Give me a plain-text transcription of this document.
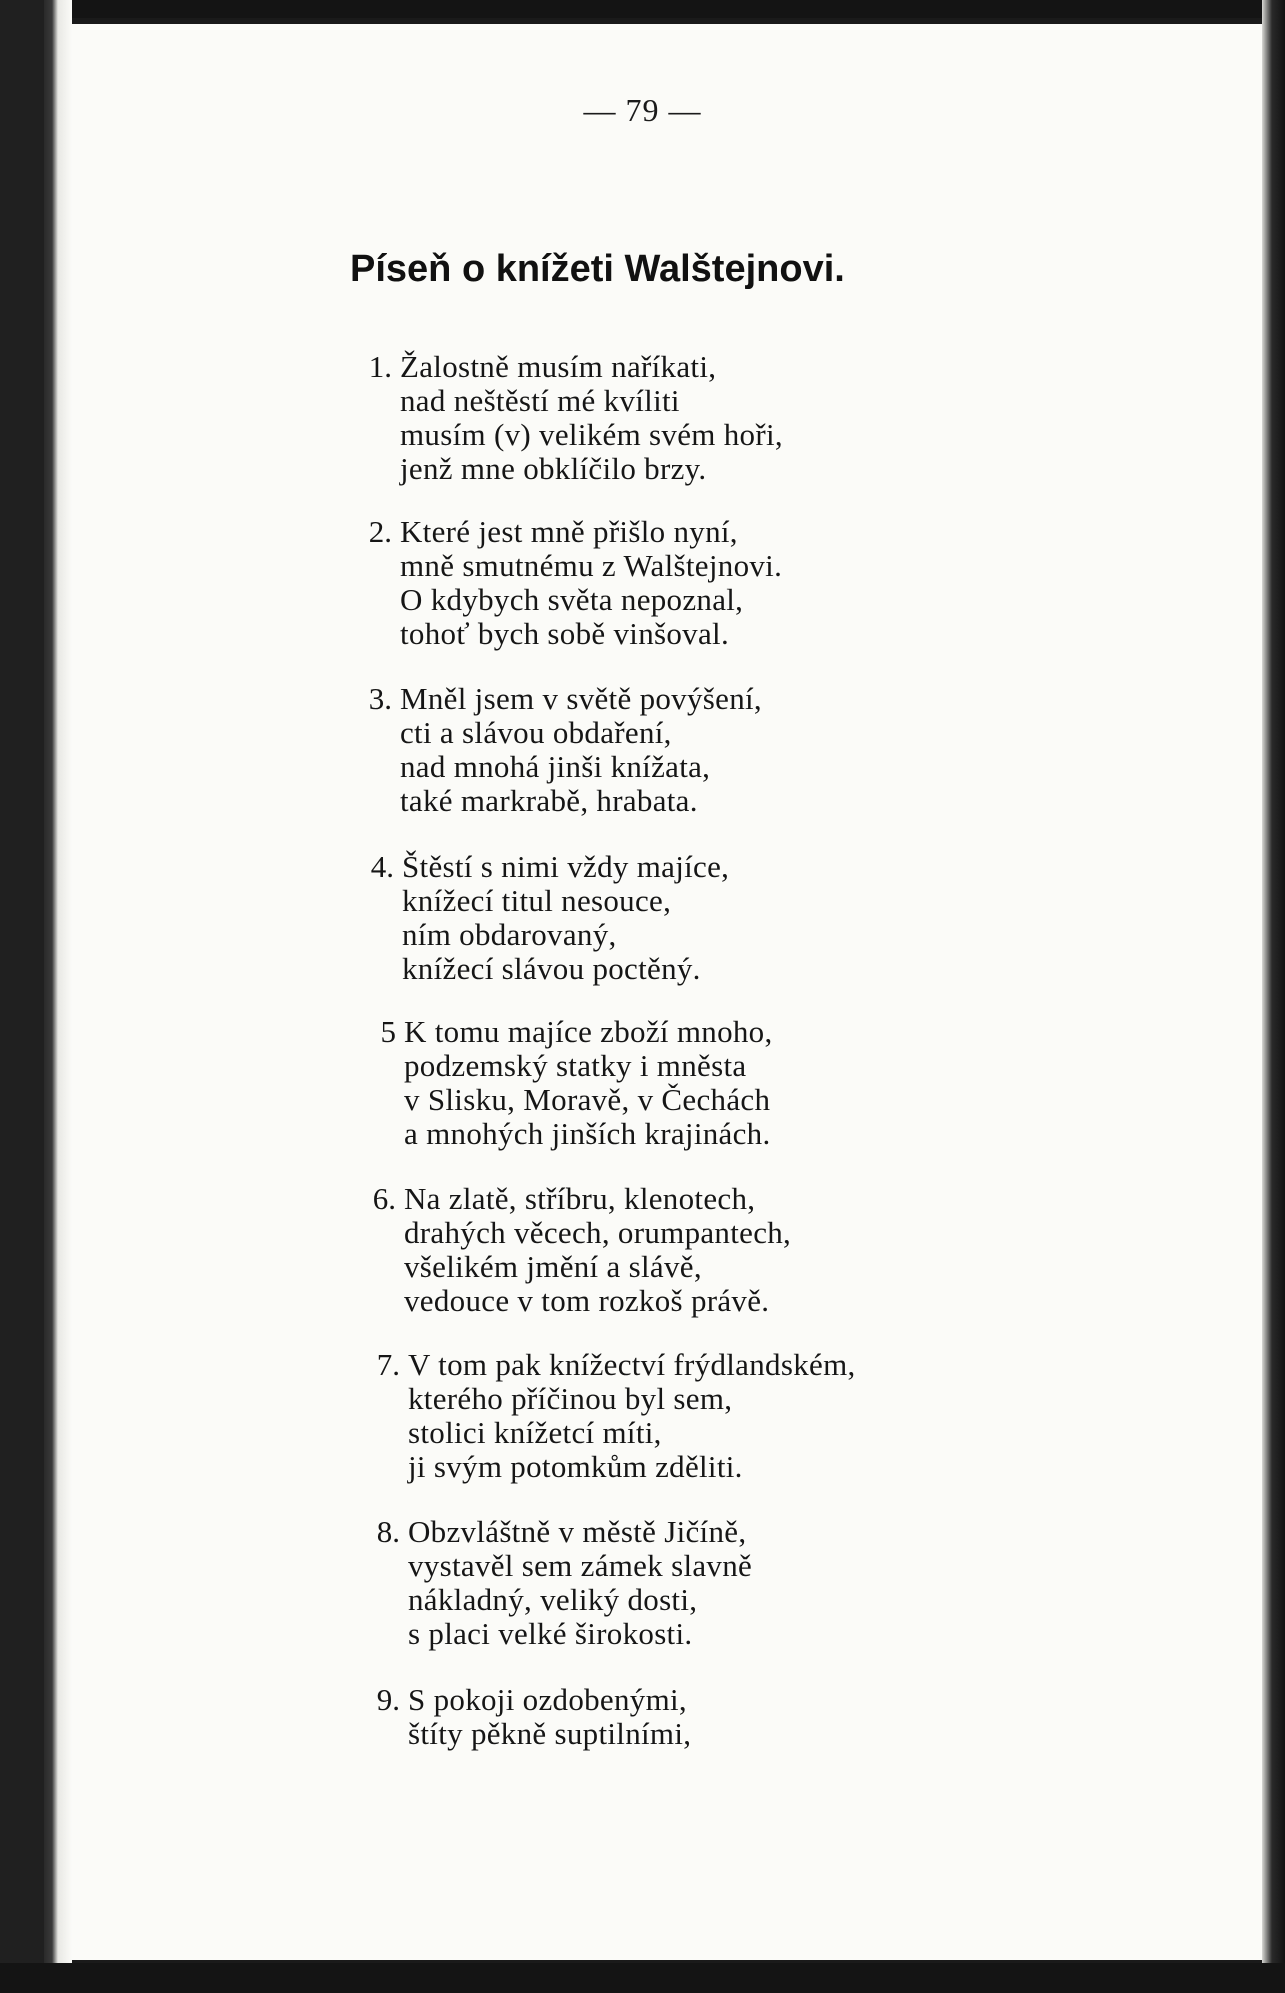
— 79 —
Píseň o knížeti Walštejnovi.
1. Žalostně musím naříkati,
nad neštěstí mé kvíliti
musím (v) velikém svém hoři,
jenž mne obklíčilo brzy.
2. Které jest mně přišlo nyní,
mně smutnému z Walštejnovi.
O kdybych světa nepoznal,
tohoť bych sobě vinšoval.
3. Mněl jsem v světě povýšení,
cti a slávou obdaření,
nad mnohá jinši knížata,
také markrabě, hrabata.
4. Štěstí s nimi vždy majíce,
knížecí titul nesouce,
ním obdarovaný,
knížecí slávou poctěný.
5 K tomu majíce zboží mnoho,
podzemský statky i mněsta
v Slisku, Moravě, v Čechách
a mnohých jinších krajinách.
6. Na zlatě, stříbru, klenotech,
drahých věcech, orumpantech,
všelikém jmění a slávě,
vedouce v tom rozkoš právě.
7. V tom pak knížectví frýdlandském,
kterého příčinou byl sem,
stolici knížetcí míti,
ji svým potomkům zděliti.
8. Obzvláštně v městě Jičíně,
vystavěl sem zámek slavně
nákladný, veliký dosti,
s placi velké širokosti.
9. S pokoji ozdobenými,
štíty pěkně suptilními,
